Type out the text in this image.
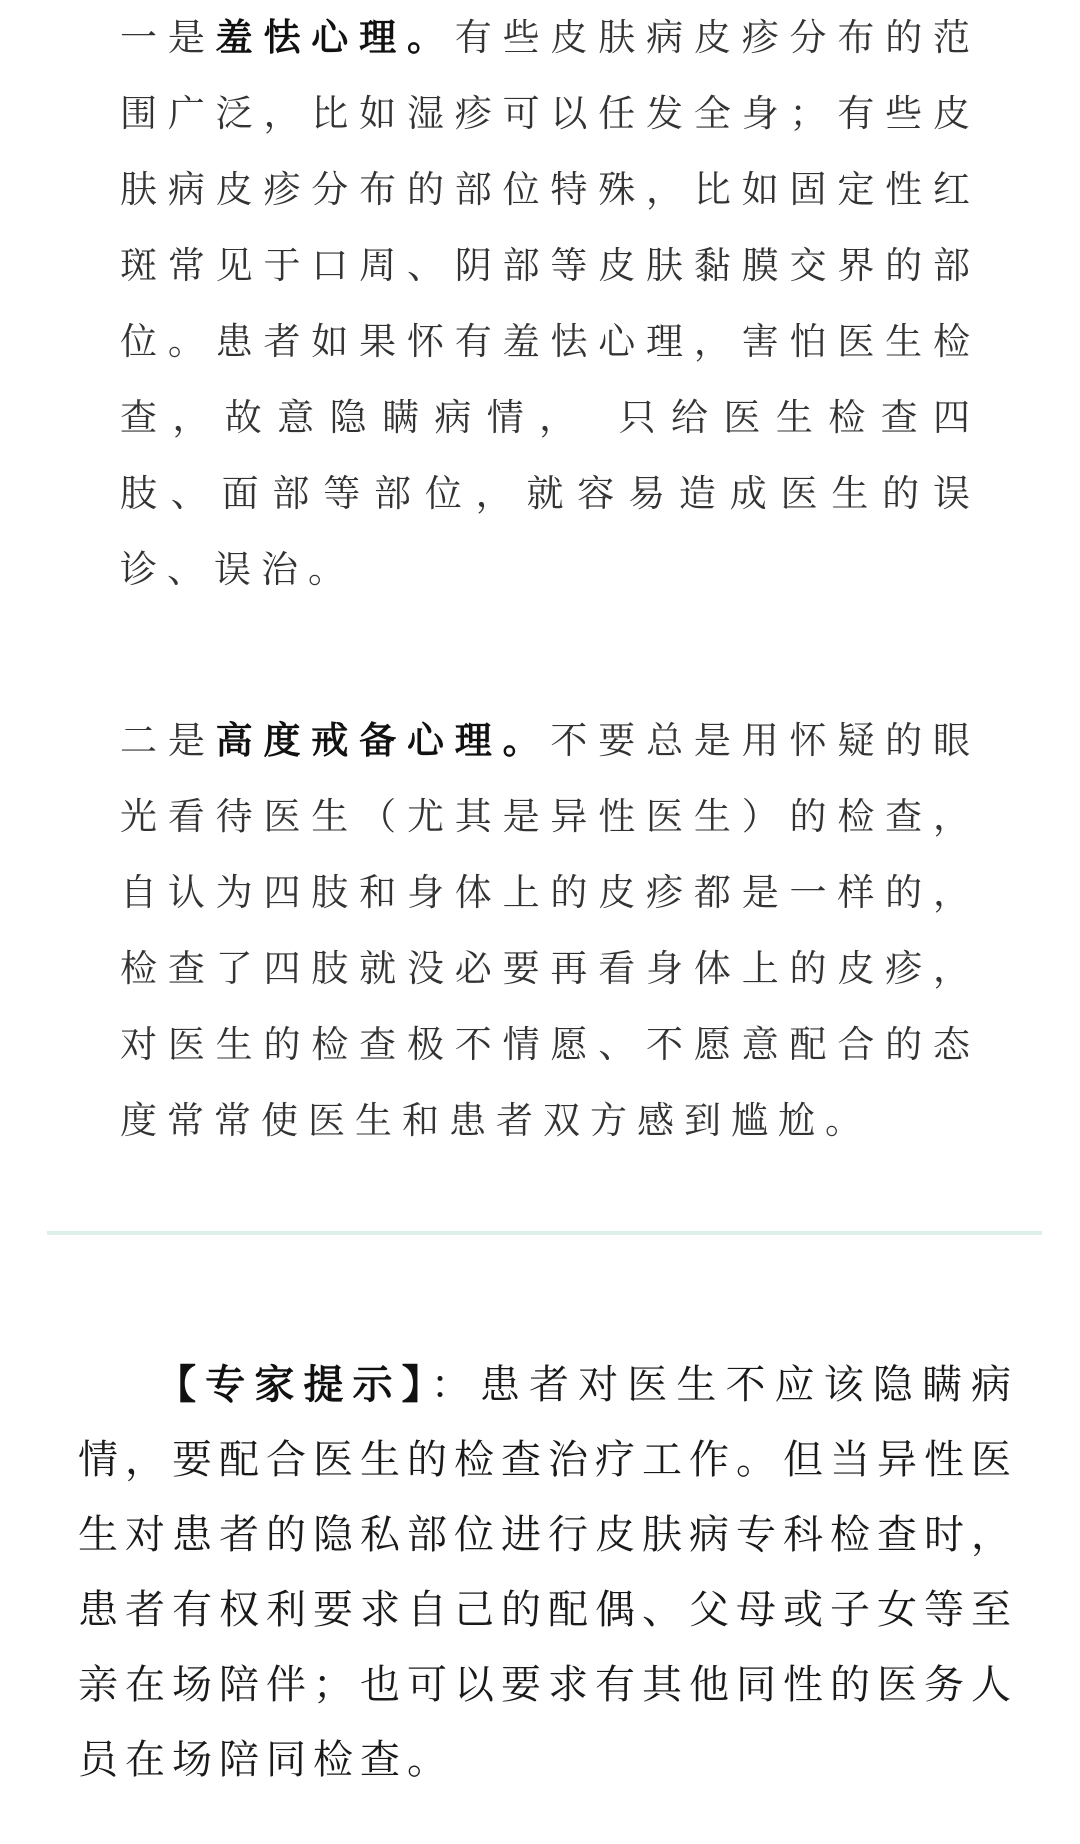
一是羞怯心理。有些皮肤病皮疹分布的范围广泛，比如湿疹可以任发全身；有些皮肤病皮疹分布的部位特殊，比如固定性红斑常见于口周、阴部等皮肤黏膜交界的部位。患者如果怀有羞怯心理，害怕医生检查，故意隐瞒病情， 只给医生检查四肢、面部等部位，就容易造成医生的误诊、误治。

二是高度戒备心理。不要总是用怀疑的眼光看待医生（尤其是异性医生）的检查，自认为四肢和身体上的皮疹都是一样的，检查了四肢就没必要再看身体上的皮疹，对医生的检查极不情愿、不愿意配合的态度常常使医生和患者双方感到尴尬。

【专家提示】：患者对医生不应该隐瞒病情，要配合医生的检查治疗工作。但当异性医生对患者的隐私部位进行皮肤病专科检查时，患者有权利要求自己的配偶、父母或子女等至亲在场陪伴；也可以要求有其他同性的医务人员在场陪同检查。
